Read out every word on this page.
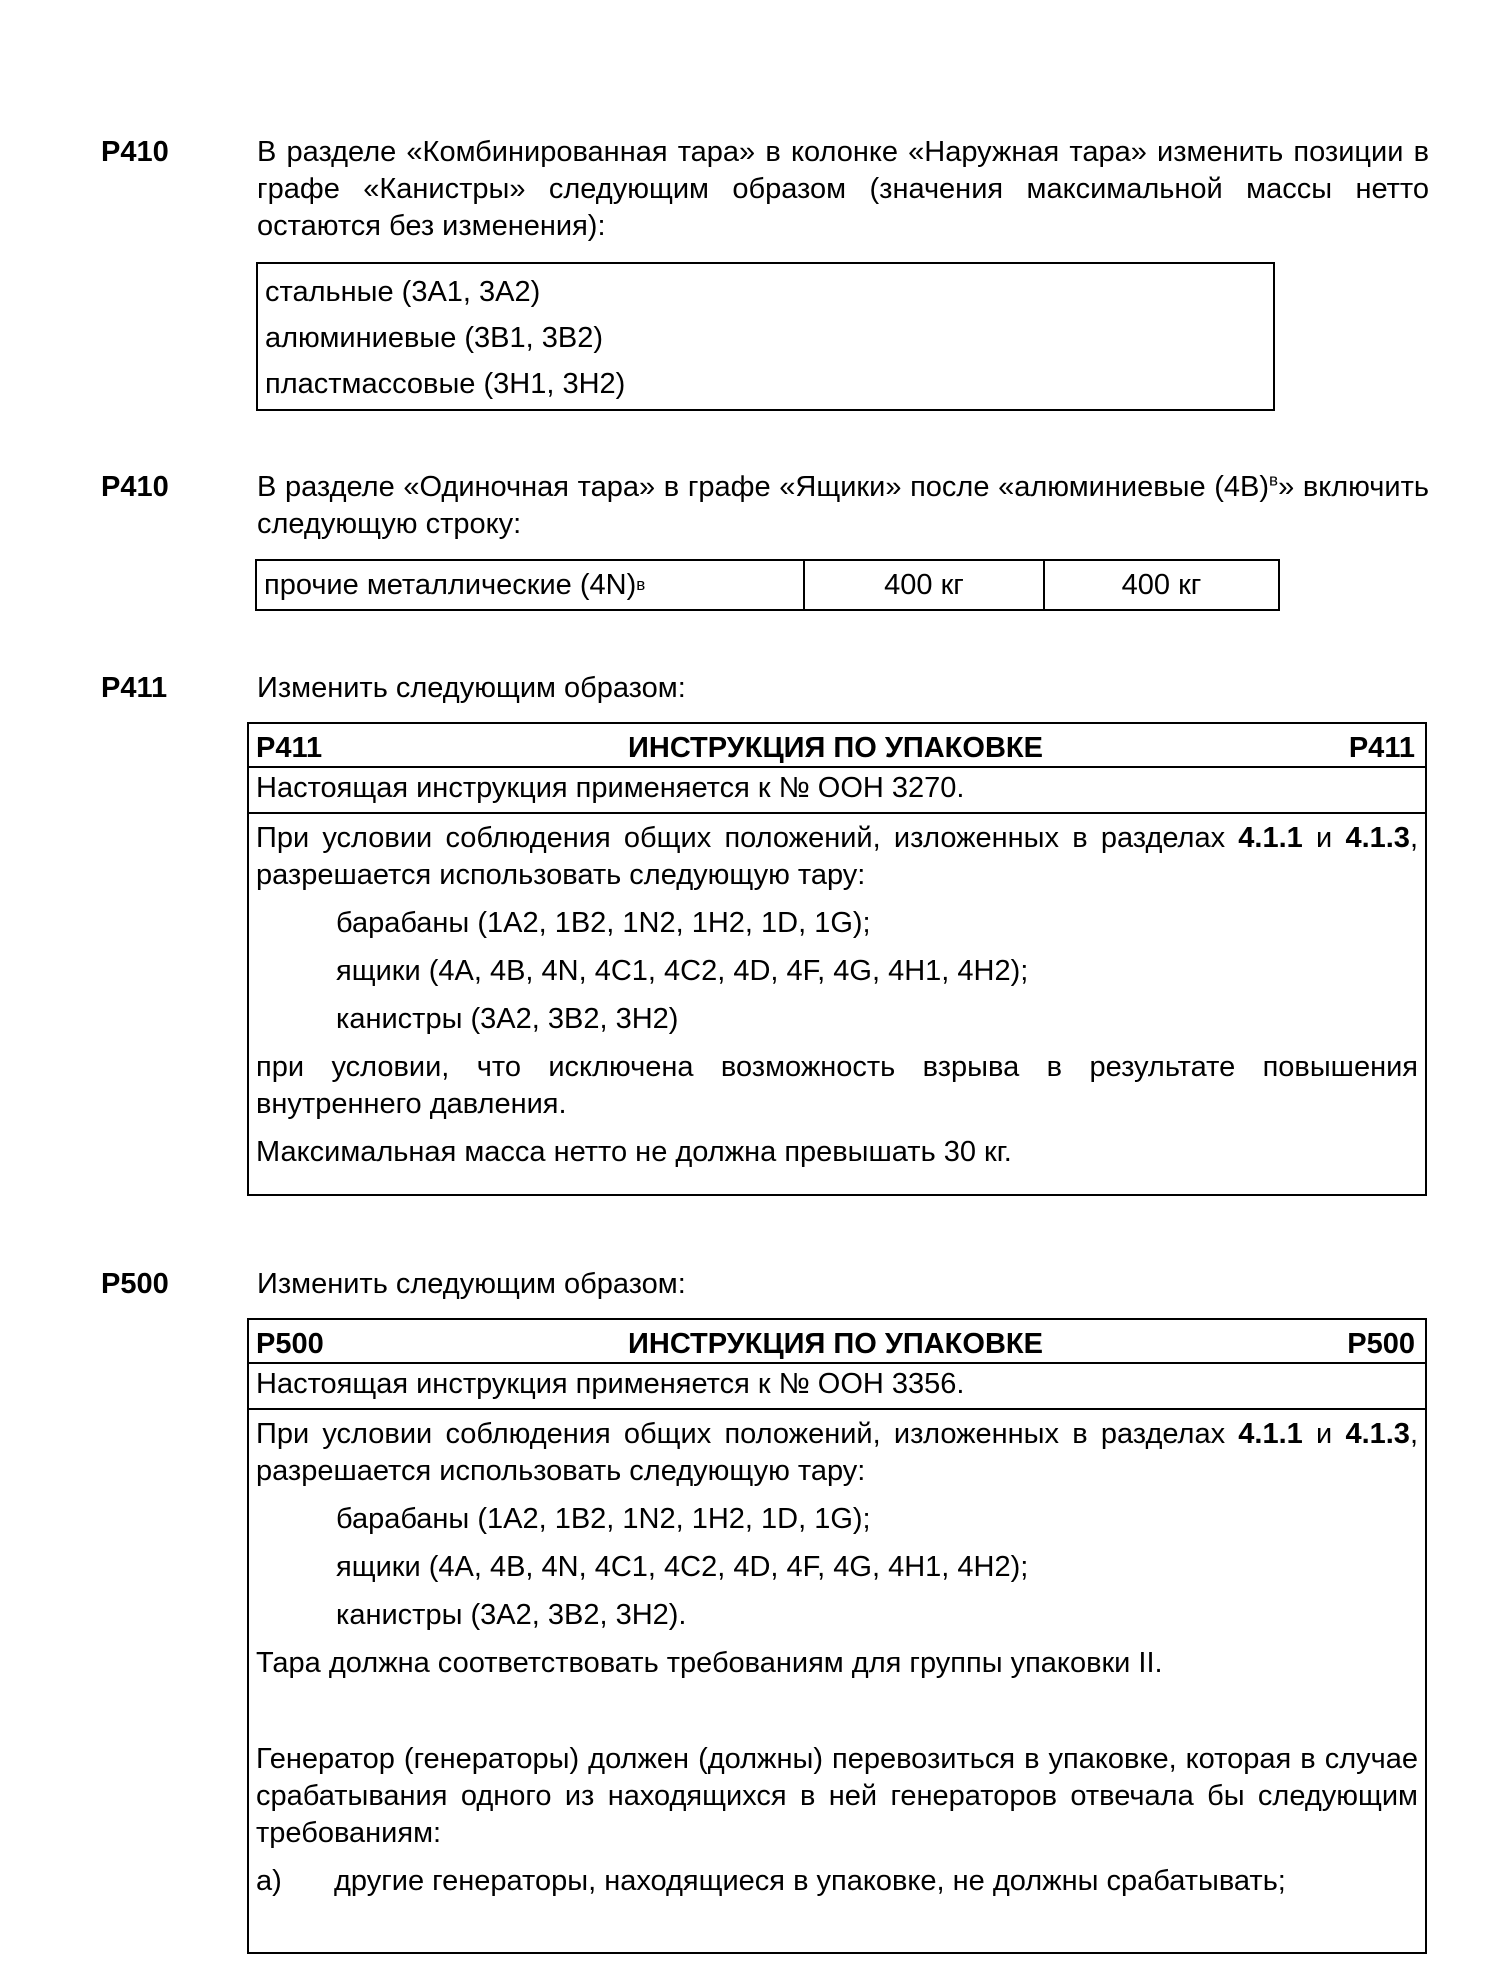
P410	В разделе «Комбинированная тара» в колонке «Наружная тара» изменить позиции в графе «Канистры» следующим образом (значения максимальной массы нетто остаются без изменения):
стальные (3A1, 3A2)
алюминиевые (3B1, 3B2)
пластмассовые (3H1, 3H2)
P410	В разделе «Одиночная тара» в графе «Ящики» после «алюминиевые $(4B)^в$» включить следующую строку:
прочие металлические (4N) в	400 кг	400 кг
P411	Изменить следующим образом:
P411	ИНСТРУКЦИЯ ПО УПАКОВКЕ	P411
Настоящая инструкция применяется к № ООН 3270.
При условии соблюдения общих положений, изложенных в разделах 4.1.1 и 4.1.3, разрешается использовать следующую тару:
барабаны (1A2, 1B2, 1N2, 1H2, 1D, 1G);
ящики (4A, 4B, 4N, 4C1, 4C2, 4D, 4F, 4G, 4H1, 4H2);
канистры (3A2, 3B2, 3H2)
при условии, что исключена возможность взрыва в результате повышения внутреннего давления.
Максимальная масса нетто не должна превышать 30 кг.
P500	Изменить следующим образом:
P500	ИНСТРУКЦИЯ ПО УПАКОВКЕ	P500
Настоящая инструкция применяется к № ООН 3356.
При условии соблюдения общих положений, изложенных в разделах 4.1.1 и 4.1.3, разрешается использовать следующую тару:
барабаны (1A2, 1B2, 1N2, 1H2, 1D, 1G);
ящики (4A, 4B, 4N, 4C1, 4C2, 4D, 4F, 4G, 4H1, 4H2);
канистры (3A2, 3B2, 3H2).
Тара должна соответствовать требованиям для группы упаковки II.
Генератор (генераторы) должен (должны) перевозиться в упаковке, которая в случае срабатывания одного из находящихся в ней генераторов отвечала бы следующим требованиям:
a)	другие генераторы, находящиеся в упаковке, не должны срабатывать;
